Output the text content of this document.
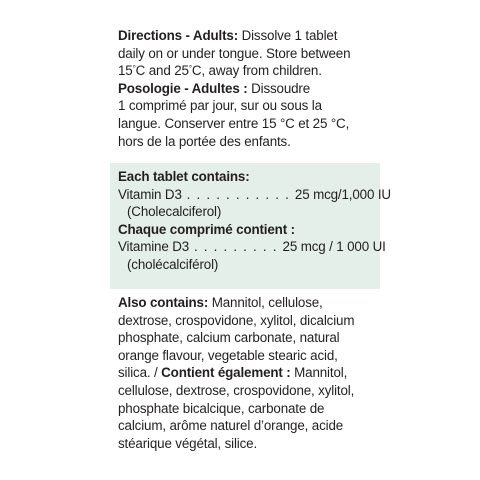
Directions - Adults: Dissolve 1 tablet
daily on or under tongue. Store between
15°C and 25°C, away from children.
Posologie - Adultes : Dissoudre
1 comprimé par jour, sur ou sous la
langue. Conserver entre 15 °C et 25 °C,
hors de la portée des enfants.
Each tablet contains:
Vitamin D3 . . . . . . . . . . . 25 mcg/1,000 IU
(Cholecalciferol)
Chaque comprimé contient :
Vitamine D3 . . . . . . . . . 25 mcg / 1 000 UI
(cholécalciférol)
Also contains: Mannitol, cellulose,
dextrose, crospovidone, xylitol, dicalcium
phosphate, calcium carbonate, natural
orange flavour, vegetable stearic acid,
silica. / Contient également : Mannitol,
cellulose, dextrose, crospovidone, xylitol,
phosphate bicalcique, carbonate de
calcium, arôme naturel d’orange, acide
stéarique végétal, silice.
